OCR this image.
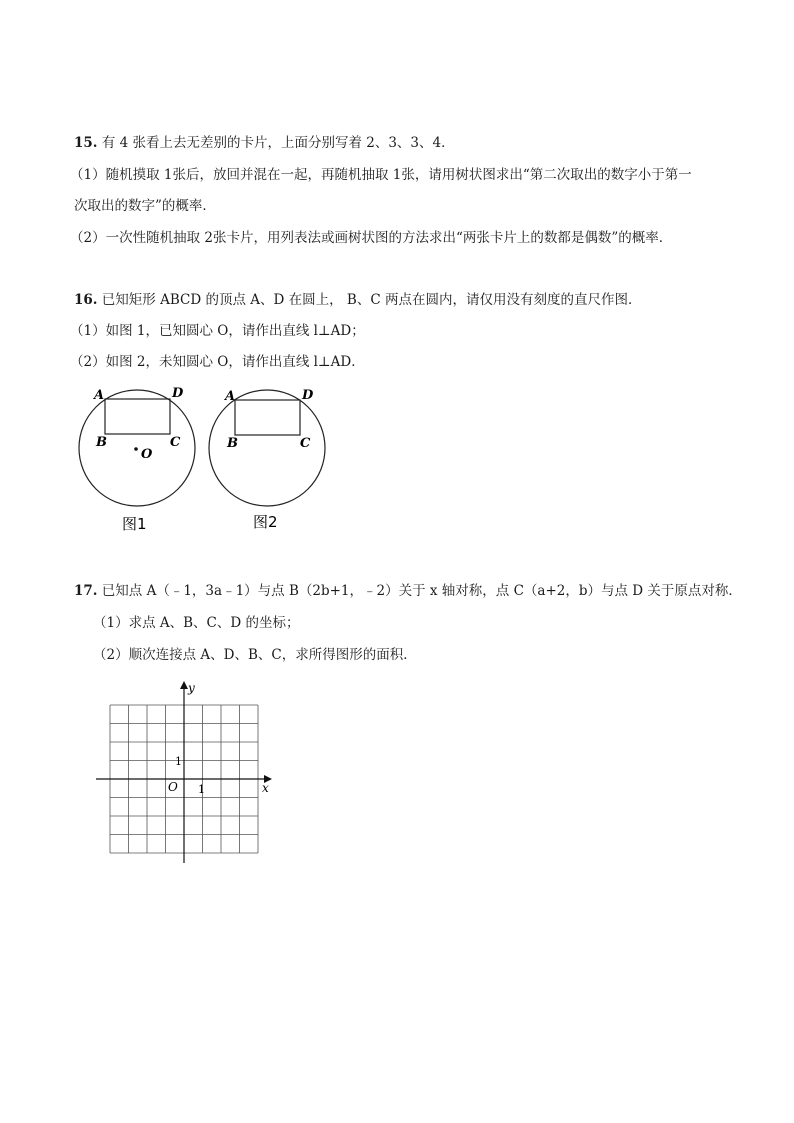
15. 有 4 张看上去无差别的卡片，上面分别写着 2、3、3、4．
（1）随机摸取 1张后，放回并混在一起，再随机抽取 1张，请用树状图求出“第二次取出的数字小于第一
次取出的数字”的概率．
（2）一次性随机抽取 2张卡片，用列表法或画树状图的方法求出“两张卡片上的数都是偶数”的概率．
16. 已知矩形 ABCD 的顶点 A、D 在圆上， B、C 两点在圆内，请仅用没有刻度的直尺作图．
（1）如图 1，已知圆心 O，请作出直线 l⊥AD；
（2）如图 2，未知圆心 O，请作出直线 l⊥AD．
A	D
B	C
O
图1
A	D
B	C
图2
17. 已知点 A（﹣1，3a﹣1）与点 B（2b+1，﹣2）关于 x 轴对称，点 C（a+2，b）与点 D 关于原点对称．
（1）求点 A、B、C、D 的坐标；
（2）顺次连接点 A、D、B、C，求所得图形的面积．
y
x
O 1
1
